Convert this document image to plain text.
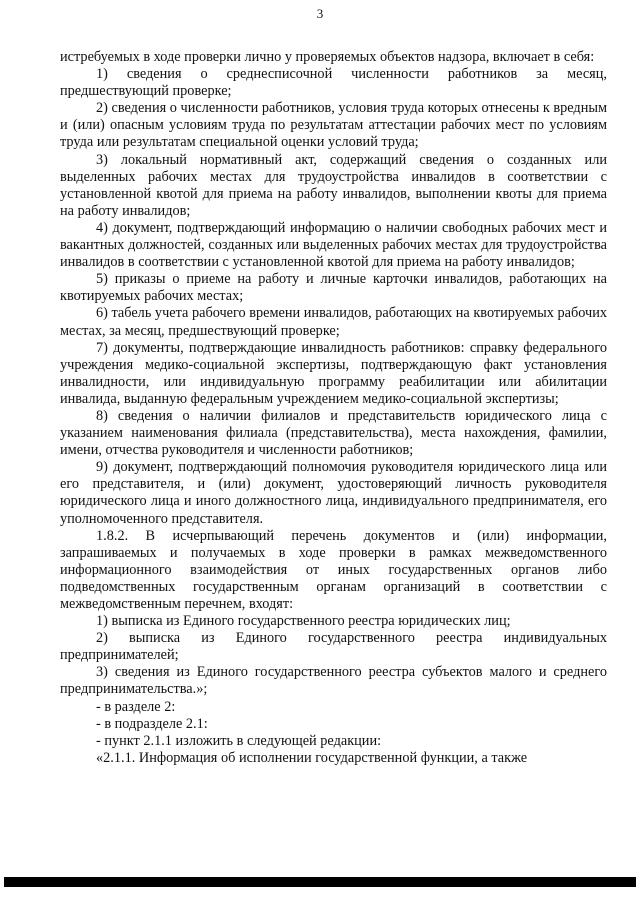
3

истребуемых в ходе проверки лично у проверяемых объектов надзора, включает в себя:

1) сведения о среднесписочной численности работников за месяц, предшествующий проверке;

2) сведения о численности работников, условия труда которых отнесены к вредным и (или) опасным условиям труда по результатам аттестации рабочих мест по условиям труда или результатам специальной оценки условий труда;

3) локальный нормативный акт, содержащий сведения о созданных или выделенных рабочих местах для трудоустройства инвалидов в соответствии с установленной квотой для приема на работу инвалидов, выполнении квоты для приема на работу инвалидов;

4) документ, подтверждающий информацию о наличии свободных рабочих мест и вакантных должностей, созданных или выделенных рабочих местах для трудоустройства инвалидов в соответствии с установленной квотой для приема на работу инвалидов;

5) приказы о приеме на работу и личные карточки инвалидов, работающих на квотируемых рабочих местах;

6) табель учета рабочего времени инвалидов, работающих на квотируемых рабочих местах, за месяц, предшествующий проверке;

7) документы, подтверждающие инвалидность работников: справку федерального учреждения медико-социальной экспертизы, подтверждающую факт установления инвалидности, или индивидуальную программу реабилитации или абилитации инвалида, выданную федеральным учреждением медико-социальной экспертизы;

8) сведения о наличии филиалов и представительств юридического лица с указанием наименования филиала (представительства), места нахождения, фамилии, имени, отчества руководителя и численности работников;

9) документ, подтверждающий полномочия руководителя юридического лица или его представителя, и (или) документ, удостоверяющий личность руководителя юридического лица и иного должностного лица, индивидуального предпринимателя, его уполномоченного представителя.

1.8.2. В исчерпывающий перечень документов и (или) информации, запрашиваемых и получаемых в ходе проверки в рамках межведомственного информационного взаимодействия от иных государственных органов либо подведомственных государственным органам организаций в соответствии с межведомственным перечнем, входят:

1) выписка из Единого государственного реестра юридических лиц;

2) выписка из Единого государственного реестра индивидуальных предпринимателей;

3) сведения из Единого государственного реестра субъектов малого и среднего предпринимательства.»;

- в разделе 2:

- в подразделе 2.1:

- пункт 2.1.1 изложить в следующей редакции:

«2.1.1. Информация об исполнении государственной функции, а также
